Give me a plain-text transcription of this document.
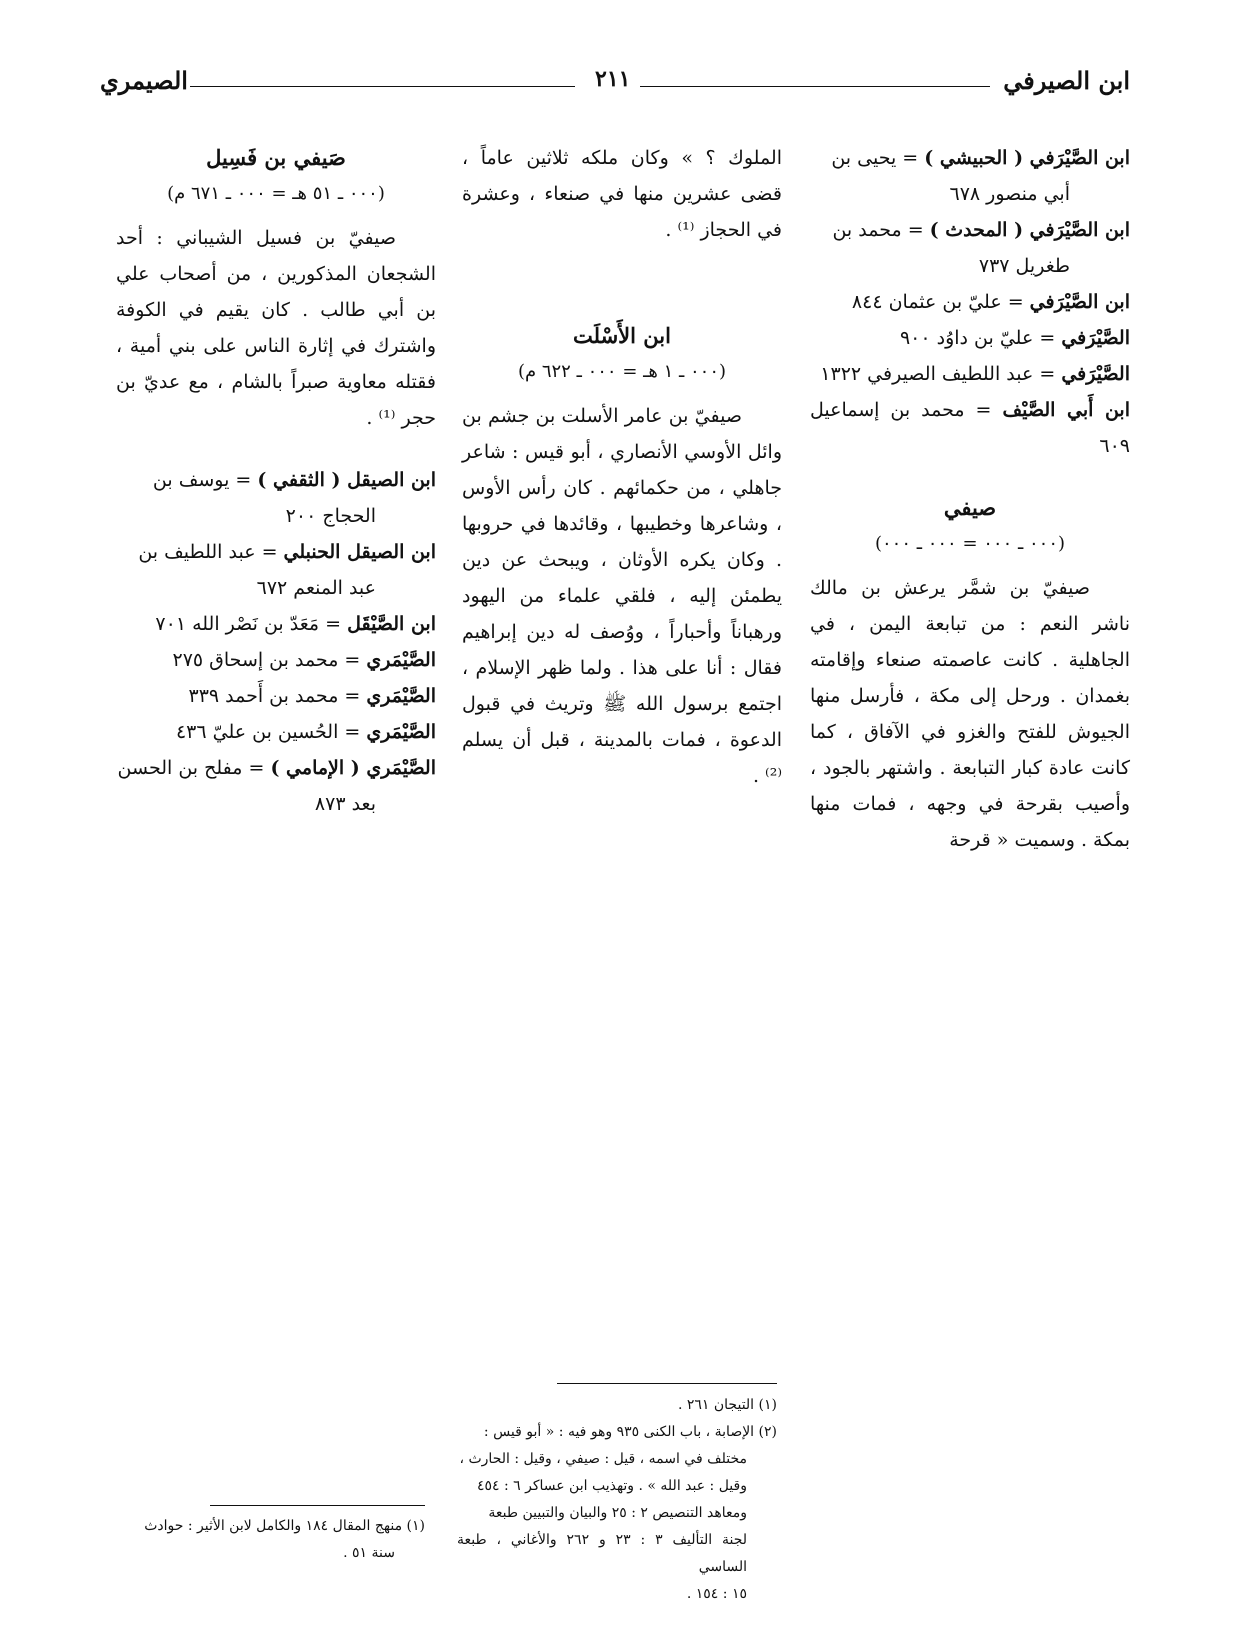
ابن الصيرفي
٢١١
الصيمري

ابن الصَّيْرَفي ( الحبيشي ) = يحيى بن

أبي منصور ٦٧٨

ابن الصَّيْرَفي ( المحدث ) = محمد بن

طغريل ٧٣٧

ابن الصَّيْرَفي = عليّ بن عثمان ٨٤٤

الصَّيْرَفي = عليّ بن داوُد ٩٠٠

الصَّيْرَفي = عبد اللطيف الصيرفي ١٣٢٢

ابن أَبي الصَّيْف = محمد بن إسماعيل ٦٠٩

صيفي

(٠٠٠ ـ ٠٠٠ = ٠٠٠ ـ ٠٠٠)

صيفيّ بن شمَّر يرعش بن مالك ناشر النعم : من تبابعة اليمن ، في الجاهلية . كانت عاصمته صنعاء وإقامته بغمدان . ورحل إلى مكة ، فأرسل منها الجيوش للفتح والغزو في الآفاق ، كما كانت عادة كبار التبابعة . واشتهر بالجود ، وأصيب بقرحة في وجهه ، فمات منها بمكة . وسميت « قرحة

الملوك ؟ » وكان ملكه ثلاثين عاماً ، قضى عشرين منها في صنعاء ، وعشرة في الحجاز ⁽¹⁾ .

ابن الأَسْلَت

(٠٠٠ ـ ١ هـ = ٠٠٠ ـ ٦٢٢ م)

صيفيّ بن عامر الأسلت بن جشم بن وائل الأوسي الأنصاري ، أبو قيس : شاعر جاهلي ، من حكمائهم . كان رأس الأوس ، وشاعرها وخطيبها ، وقائدها في حروبها . وكان يكره الأوثان ، ويبحث عن دين يطمئن إليه ، فلقي علماء من اليهود ورهباناً وأحباراً ، ووُصف له دين إبراهيم فقال : أنا على هذا . ولما ظهر الإسلام ، اجتمع برسول الله ﷺ وتريث في قبول الدعوة ، فمات بالمدينة ، قبل أن يسلم ⁽²⁾ .

صَيفي بن فَسِيل

(٠٠٠ ـ ٥١ هـ = ٠٠٠ ـ ٦٧١ م)

صيفيّ بن فسيل الشيباني : أحد الشجعان المذكورين ، من أصحاب علي بن أبي طالب . كان يقيم في الكوفة واشترك في إثارة الناس على بني أمية ، فقتله معاوية صبراً بالشام ، مع عديّ بن حجر ⁽¹⁾ .

ابن الصيقل ( الثقفي ) = يوسف بن

الحجاج ٢٠٠

ابن الصيقل الحنبلي = عبد اللطيف بن

عبد المنعم ٦٧٢

ابن الصَّيْقَل = مَعَدّ بن نَصْر الله ٧٠١

الصَّيْمَري = محمد بن إسحاق ٢٧٥

الصَّيْمَري = محمد بن أَحمد ٣٣٩

الصَّيْمَري = الحُسين بن عليّ ٤٣٦

الصَّيْمَري ( الإمامي ) = مفلح بن الحسن

بعد ٨٧٣

(١) التيجان ٢٦١ .

(٢) الإصابة ، باب الكنى ٩٣٥ وهو فيه : « أبو قيس :

مختلف في اسمه ، قيل : صيفي ، وقيل : الحارث ،

وقيل : عبد الله » . وتهذيب ابن عساكر ٦ : ٤٥٤

ومعاهد التنصيص ٢ : ٢٥ والبيان والتبيين طبعة

لجنة التأليف ٣ : ٢٣ و ٢٦٢ والأغاني ، طبعة الساسي

١٥ : ١٥٤ .

(١) منهج المقال ١٨٤ والكامل لابن الأثير : حوادث

سنة ٥١ .
